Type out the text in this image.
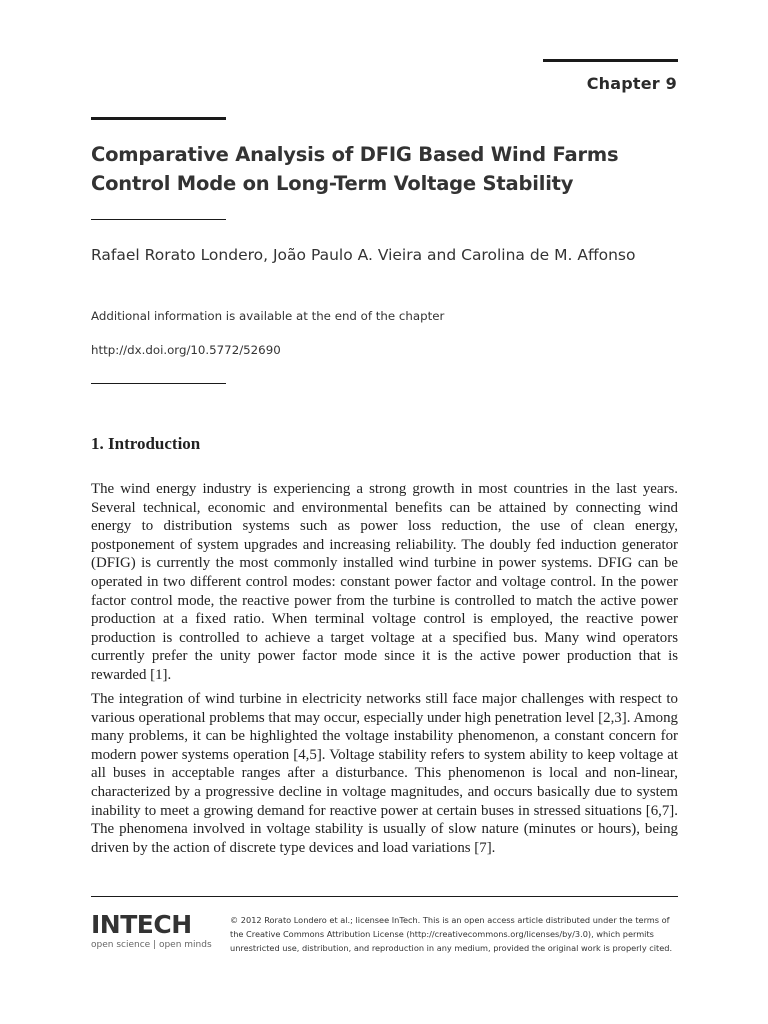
Chapter 9
Comparative Analysis of DFIG Based Wind Farms Control Mode on Long-Term Voltage Stability
Rafael Rorato Londero, João Paulo A. Vieira and Carolina de M. Affonso
Additional information is available at the end of the chapter
http://dx.doi.org/10.5772/52690
1. Introduction

The wind energy industry is experiencing a strong growth in most countries in the last years. Several technical, economic and environmental benefits can be attained by connecting wind energy to distribution systems such as power loss reduction, the use of clean energy, postponement of system upgrades and increasing reliability. The doubly fed induction generator (DFIG) is currently the most commonly installed wind turbine in power systems. DFIG can be operated in two different control modes: constant power factor and voltage control. In the power factor control mode, the reactive power from the turbine is controlled to match the active power production at a fixed ratio. When terminal voltage control is employed, the reactive power production is controlled to achieve a target voltage at a specified bus. Many wind operators currently prefer the unity power factor mode since it is the active power production that is rewarded [1].

The integration of wind turbine in electricity networks still face major challenges with respect to various operational problems that may occur, especially under high penetration level [2,3]. Among many problems, it can be highlighted the voltage instability phenomenon, a constant concern for modern power systems operation [4,5]. Voltage stability refers to system ability to keep voltage at all buses in acceptable ranges after a disturbance. This phenomenon is local and non-linear, characterized by a progressive decline in voltage magnitudes, and occurs basically due to system inability to meet a growing demand for reactive power at certain buses in stressed situations [6,7]. The phenomena involved in voltage stability is usually of slow nature (minutes or hours), being driven by the action of discrete type devices and load variations [7].

INTECH
open science | open minds
© 2012 Rorato Londero et al.; licensee InTech. This is an open access article distributed under the terms of the Creative Commons Attribution License (http://creativecommons.org/licenses/by/3.0), which permits unrestricted use, distribution, and reproduction in any medium, provided the original work is properly cited.
